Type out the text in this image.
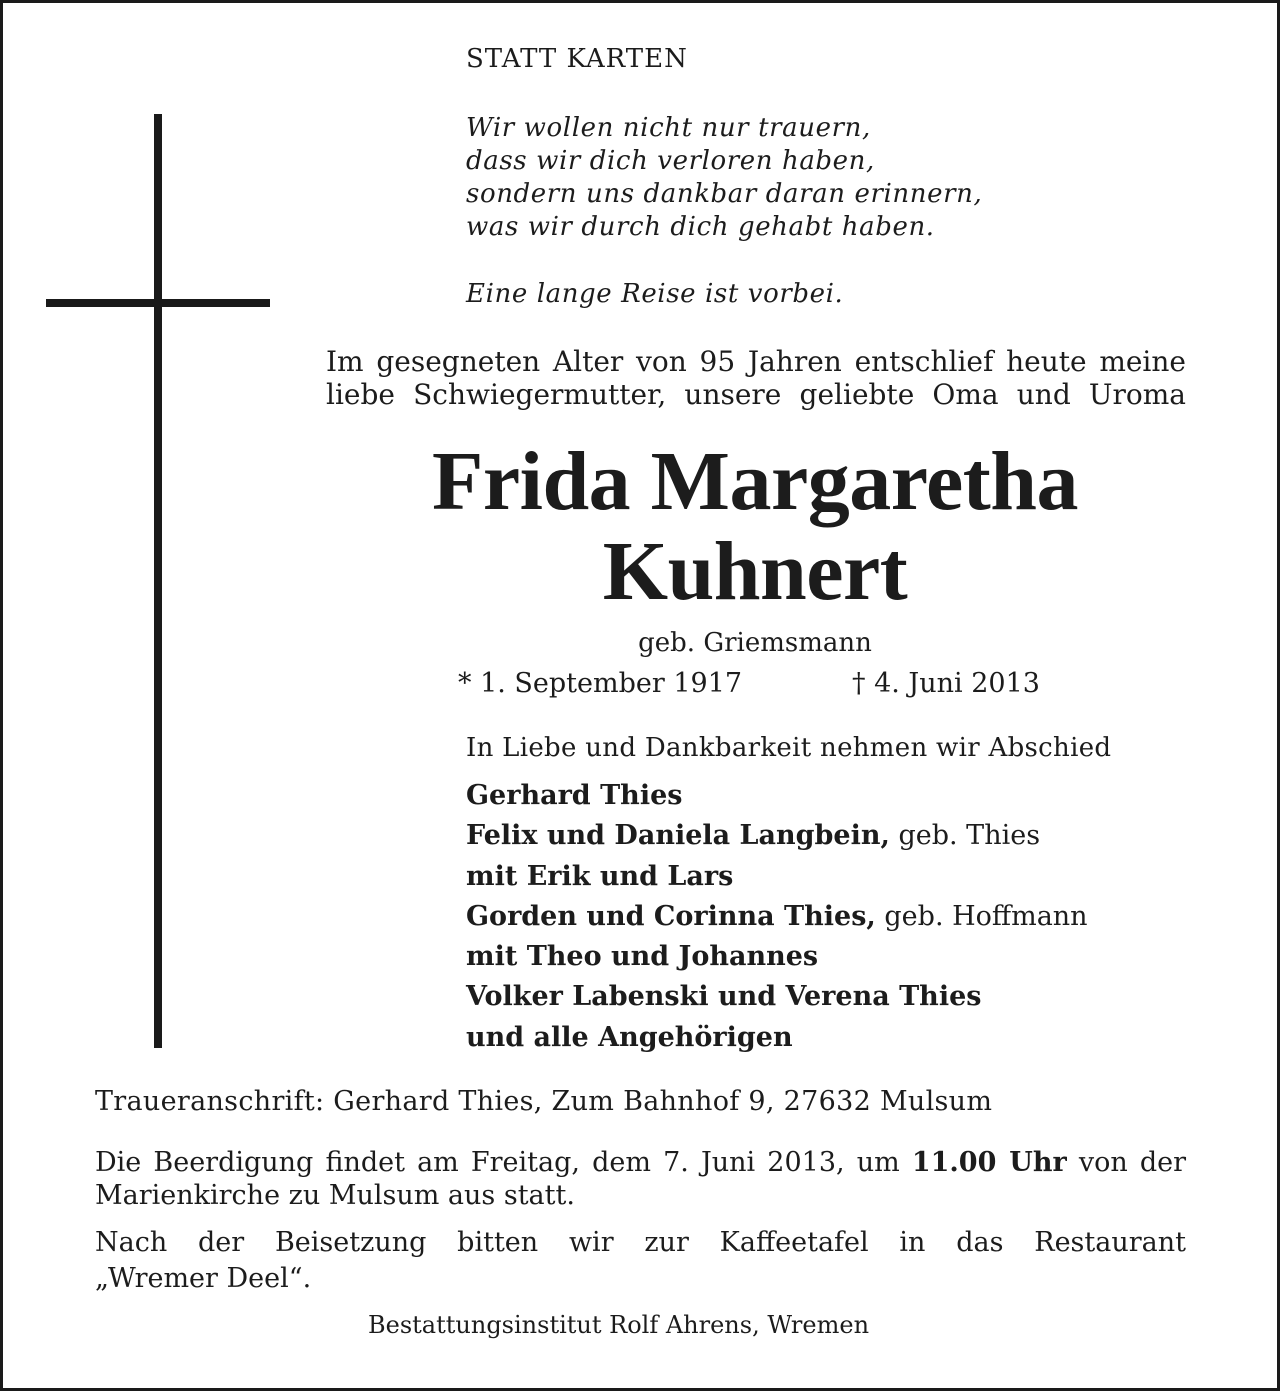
STATT KARTEN
Wir wollen nicht nur trauern,
dass wir dich verloren haben,
sondern uns dankbar daran erinnern,
was wir durch dich gehabt haben.
Eine lange Reise ist vorbei.
Im gesegneten Alter von 95 Jahren entschlief heute meine
liebe Schwiegermutter, unsere geliebte Oma und Uroma
Frida Margaretha
Kuhnert
geb. Griemsmann
* 1. September 1917	† 4. Juni 2013
In Liebe und Dankbarkeit nehmen wir Abschied
Gerhard Thies
Felix und Daniela Langbein, geb. Thies
mit Erik und Lars
Gorden und Corinna Thies, geb. Hoffmann
mit Theo und Johannes
Volker Labenski und Verena Thies
und alle Angehörigen
Traueranschrift: Gerhard Thies, Zum Bahnhof 9, 27632 Mulsum
Die Beerdigung findet am Freitag, dem 7. Juni 2013, um 11.00 Uhr von der
Marienkirche zu Mulsum aus statt.
Nach der Beisetzung bitten wir zur Kaffeetafel in das Restaurant
„Wremer Deel“.
Bestattungsinstitut Rolf Ahrens, Wremen
